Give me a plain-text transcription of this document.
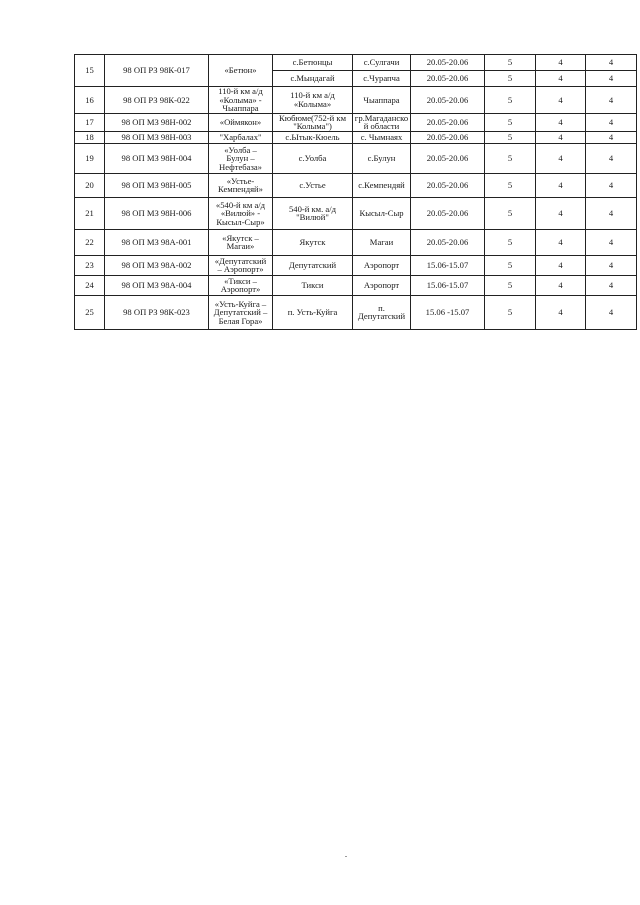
15	98 ОП РЗ 98К-017	«Бетюн»	с.Бетюнцы	с.Сулгачи	20.05-20.06	5	4	4
			с.Мындагай	с.Чурапча	20.05-20.06	5	4	4
16	98 ОП РЗ 98К-022	110-й км а/д
«Колыма» -
Чыаппара	110-й км а/д
«Колыма»	Чыаппара	20.05-20.06	5	4	4
17	98 ОП МЗ 98Н-002	«Оймякон»	Кюбюме(752-й км
"Колыма")	гр.Магаданско
й области	20.05-20.06	5	4	4
18	98 ОП МЗ 98Н-003	"Харбалах"	с.Ытык-Кюель	с. Чымнаях	20.05-20.06	5	4	4
19	98 ОП МЗ 98Н-004	«Уолба –
Булун –
Нефтебаза»	с.Уолба	с.Булун	20.05-20.06	5	4	4
20	98 ОП МЗ 98Н-005	«Устье-
Кемпендяй»	с.Устье	с.Кемпендяй	20.05-20.06	5	4	4
21	98 ОП МЗ 98Н-006	«540-й км а/д
«Вилюй» -
Кысыл-Сыр»	540-й км. а/д
"Вилюй"	Кысыл-Сыр	20.05-20.06	5	4	4
22	98 ОП МЗ 98А-001	«Якутск –
Магаи»	Якутск	Магаи	20.05-20.06	5	4	4
23	98 ОП МЗ 98А-002	«Депутатский
– Аэропорт»	Депутатский	Аэропорт	15.06-15.07	5	4	4
24	98 ОП МЗ 98А-004	«Тикси –
Аэропорт»	Тикси	Аэропорт	15.06-15.07	5	4	4
25	98 ОП РЗ 98К-023	«Усть-Куйга –
Депутатский –
Белая Гора»	п. Усть-Куйга	п. Депутатский	15.06 -15.07	5	4	4
